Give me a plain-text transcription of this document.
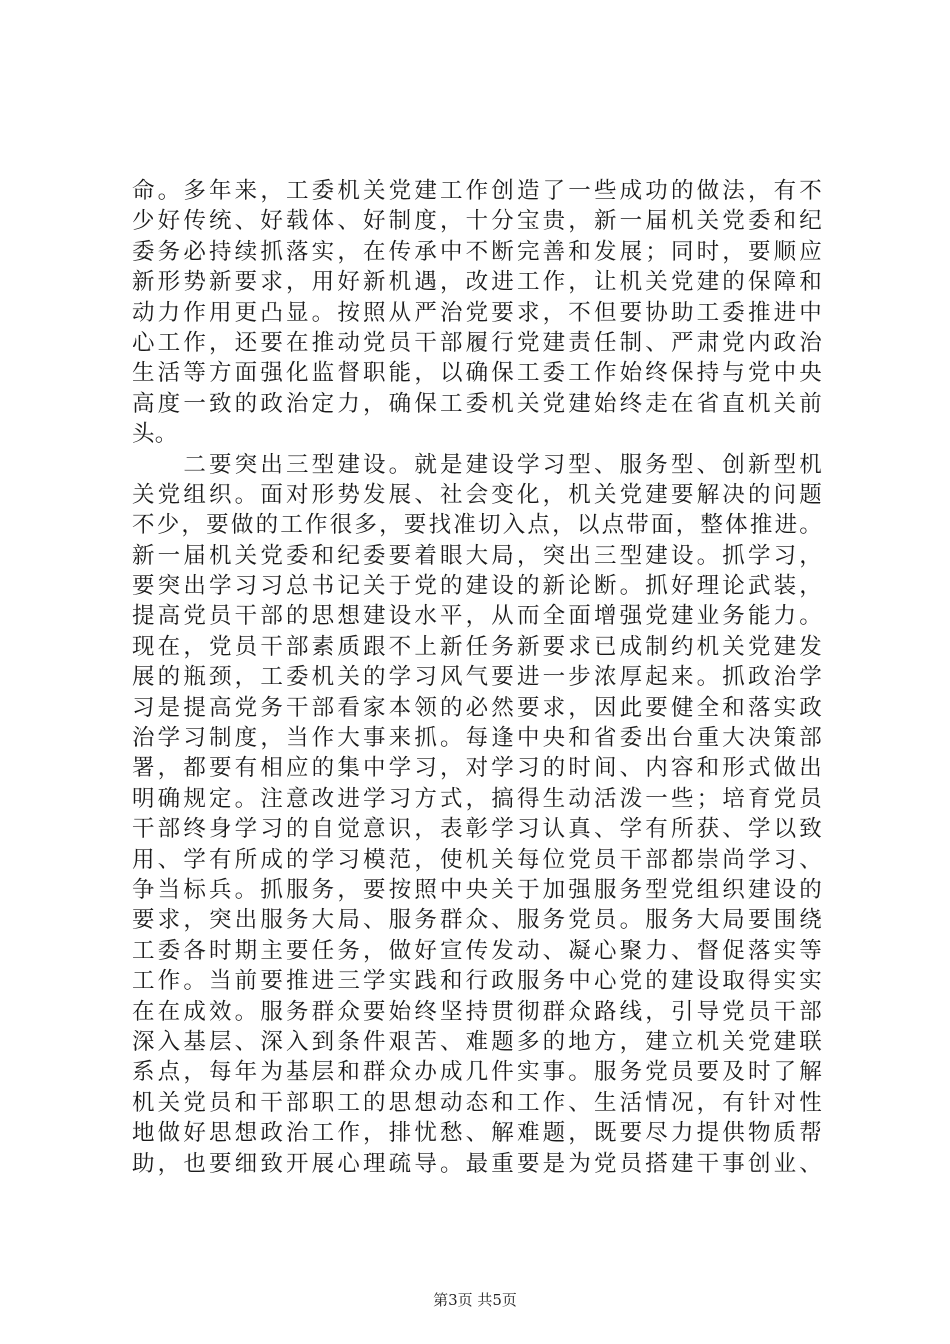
命。多年来，工委机关党建工作创造了一些成功的做法，有不
少好传统、好载体、好制度，十分宝贵，新一届机关党委和纪
委务必持续抓落实，在传承中不断完善和发展；同时，要顺应
新形势新要求，用好新机遇，改进工作，让机关党建的保障和
动力作用更凸显。按照从严治党要求，不但要协助工委推进中
心工作，还要在推动党员干部履行党建责任制、严肃党内政治
生活等方面强化监督职能，以确保工委工作始终保持与党中央
高度一致的政治定力，确保工委机关党建始终走在省直机关前
头。
　　二要突出三型建设。就是建设学习型、服务型、创新型机
关党组织。面对形势发展、社会变化，机关党建要解决的问题
不少，要做的工作很多，要找准切入点，以点带面，整体推进。
新一届机关党委和纪委要着眼大局，突出三型建设。抓学习，
要突出学习习总书记关于党的建设的新论断。抓好理论武装，
提高党员干部的思想建设水平，从而全面增强党建业务能力。
现在，党员干部素质跟不上新任务新要求已成制约机关党建发
展的瓶颈，工委机关的学习风气要进一步浓厚起来。抓政治学
习是提高党务干部看家本领的必然要求，因此要健全和落实政
治学习制度，当作大事来抓。每逢中央和省委出台重大决策部
署，都要有相应的集中学习，对学习的时间、内容和形式做出
明确规定。注意改进学习方式，搞得生动活泼一些；培育党员
干部终身学习的自觉意识，表彰学习认真、学有所获、学以致
用、学有所成的学习模范，使机关每位党员干部都崇尚学习、
争当标兵。抓服务，要按照中央关于加强服务型党组织建设的
要求，突出服务大局、服务群众、服务党员。服务大局要围绕
工委各时期主要任务，做好宣传发动、凝心聚力、督促落实等
工作。当前要推进三学实践和行政服务中心党的建设取得实实
在在成效。服务群众要始终坚持贯彻群众路线，引导党员干部
深入基层、深入到条件艰苦、难题多的地方，建立机关党建联
系点，每年为基层和群众办成几件实事。服务党员要及时了解
机关党员和干部职工的思想动态和工作、生活情况，有针对性
地做好思想政治工作，排忧愁、解难题，既要尽力提供物质帮
助，也要细致开展心理疏导。最重要是为党员搭建干事创业、
第3页 共5页
